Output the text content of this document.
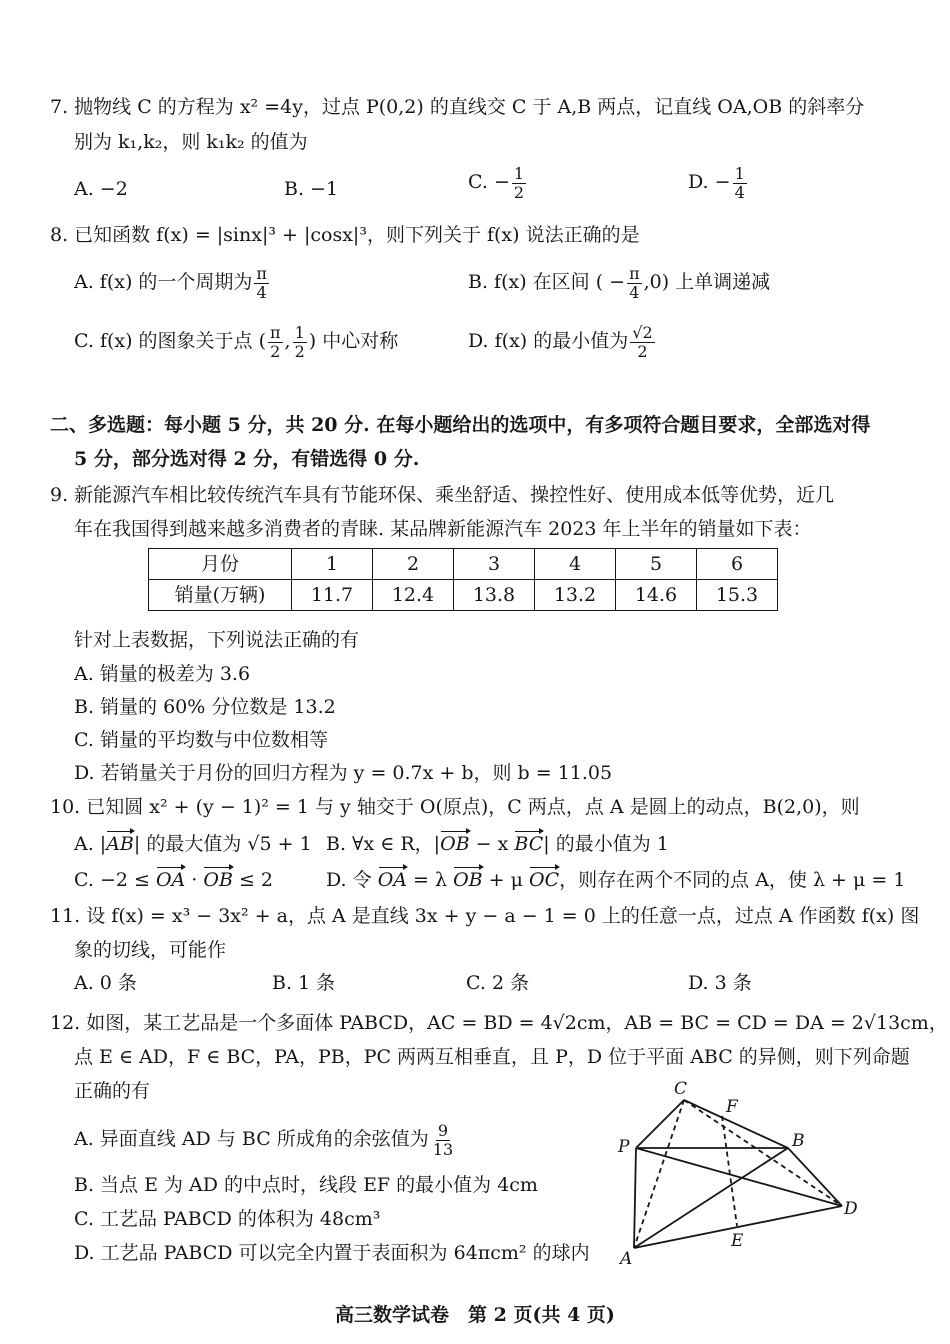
7. 抛物线 C 的方程为 x² =4y，过点 P(0,2) 的直线交 C 于 A,B 两点，记直线 OA,OB 的斜率分
别为 k₁,k₂，则 k₁k₂ 的值为
A. −2	B. −1	C. − $\frac{1}{2}$	D. − $\frac{1}{4}$
8. 已知函数 f(x) = |sinx|³ + |cosx|³，则下列关于 f(x) 说法正确的是
A. f(x) 的一个周期为 $\frac{\pi}{4}$	B. f(x) 在区间 ( − $\frac{\pi}{4} ,0$) 上单调递减
C. f(x) 的图象关于点 ( $\frac{\pi}{2}$ , $\frac{1}{2}$ ) 中心对称	D. f(x) 的最小值为 $\frac{√2}{2}$
二、多选题：每小题 5 分，共 20 分. 在每小题给出的选项中，有多项符合题目要求，全部选对得
5 分，部分选对得 2 分，有错选得 0 分.
9. 新能源汽车相比较传统汽车具有节能环保、乘坐舒适、操控性好、使用成本低等优势，近几
年在我国得到越来越多消费者的青睐. 某品牌新能源汽车 2023 年上半年的销量如下表：
月份	1	2	3	4	5	6
销量(万辆)	11.7	12.4	13.8	13.2	14.6	15.3
针对上表数据，下列说法正确的有
A. 销量的极差为 3.6
B. 销量的 60% 分位数是 13.2
C. 销量的平均数与中位数相等
D. 若销量关于月份的回归方程为 y = 0.7x + b，则 b = 11.05
10. 已知圆 x² + (y − 1)² = 1 与 y 轴交于 O(原点)，C 两点，点 A 是圆上的动点，B(2,0)，则
A. |AB| 的最大值为 √5 + 1 B. ∀x ∈ R，|OB − x BC| 的最小值为 1
C. −2 ≤ OA · OB ≤ 2	D. 令 OA = λ OB + μ OC，则存在两个不同的点 A，使 λ + μ = 1
11. 设 f(x) = x³ − 3x² + a，点 A 是直线 3x + y − a − 1 = 0 上的任意一点，过点 A 作函数 f(x) 图
象的切线，可能作
A. 0 条	B. 1 条	C. 2 条	D. 3 条
12. 如图，某工艺品是一个多面体 PABCD，AC = BD = 4√2cm，AB = BC = CD = DA = 2√13cm，
点 E ∈ AD，F ∈ BC，PA，PB，PC 两两互相垂直，且 P，D 位于平面 ABC 的异侧，则下列命题
正确的有
A. 异面直线 AD 与 BC 所成角的余弦值为 $\frac{9}{13}$
B. 当点 E 为 AD 的中点时，线段 EF 的最小值为 4cm
C. 工艺品 PABCD 的体积为 48cm³
D. 工艺品 PABCD 可以完全内置于表面积为 64πcm² 的球内
C
F
P	B
D
E
A
高三数学试卷　第 2 页(共 4 页)
